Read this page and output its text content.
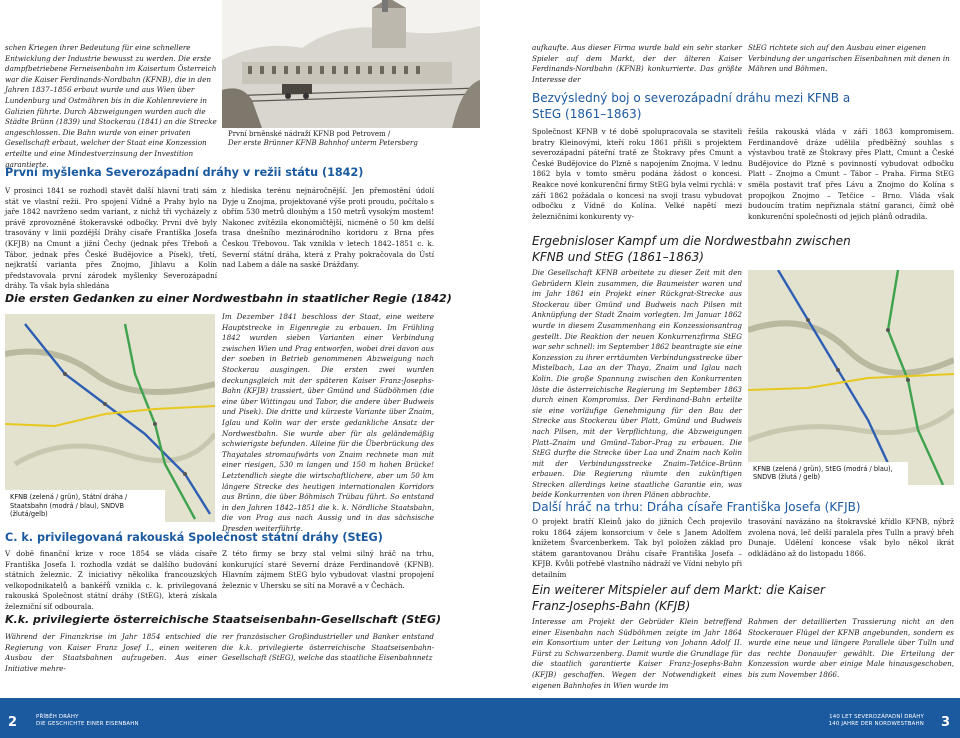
schen Kriegen ihrer Bedeutung für eine schnellere Entwicklung der Industrie bewusst zu werden. Die erste dampfbetriebene Ferneisenbahn im Kaisertum Österreich war die Kaiser Ferdinands-Nordbahn (KFNB), die in den Jahren 1837–1856 erbaut wurde und aus Wien über Lundenburg und Ostmähren bis in die Kohlenreviere in Galizien führte. Durch Abzweigungen wurden auch die Städte Brünn (1839) und Stockerau (1841) an die Strecke angeschlossen. Die Bahn wurde von einer privaten Gesellschaft erbaut, welcher der Staat eine Konzession erteilte und eine Mindestverzinsung der Investition garantierte.

První brněnské nádraží KFNB pod Petrovem /

Der erste Brünner KFNB Bahnhof unterm Petersberg

První myšlenka Severozápadní dráhy v režii státu (1842)

V prosinci 1841 se rozhodl stavět další hlavní trati sám stát ve vlastní režii. Pro spojení Vídně a Prahy bylo na jaře 1842 navrženo sedm variant, z nichž tři vycházely z právě zprovozněné štokeravské odbočky. První dvě byly trasovány v linii pozdější Dráhy císaře Františka Josefa (KFJB) na Cmunt a jižní Čechy (jednak přes Třeboň a Tábor, jednak přes České Budějovice a Písek), třetí, nejkratší varianta přes Znojmo, Jihlavu a Kolín představovala první zárodek myšlenky Severozápadní dráhy. Ta však byla shledána

z hlediska terénu nejnáročnější. Jen přemostění údolí Dyje u Znojma, projektované výše proti proudu, počítalo s obřím 530 metrů dlouhým a 150 metrů vysokým mostem! Nakonec zvítězila ekonomičtější, nicméně o 50 km delší trasa dnešního mezinárodního koridoru z Brna přes Českou Třebovou. Tak vznikla v letech 1842–1851 c. k. Severní státní dráha, která z Prahy pokračovala do Ústí nad Labem a dále na saské Drážďany.

Die ersten Gedanken zu einer Nordwestbahn in staatlicher Regie (1842)
KFNB (zelená / grün), Státní dráha / Staatsbahn (modrá / blau), SNDVB (žlutá/gelb)

Im Dezember 1841 beschloss der Staat, eine weitere Hauptstrecke in Eigenregie zu erbauen. Im Frühling 1842 wurden sieben Varianten einer Verbindung zwischen Wien und Prag entworfen, wobei drei davon aus der soeben in Betrieb genommenen Abzweigung nach Stockerau ausgingen. Die ersten zwei wurden deckungsgleich mit der späteren Kaiser Franz-Josephs-Bahn (KFJB) trassiert, über Gmünd und Südböhmen (die eine über Wittingau und Tabor, die andere über Budweis und Pisek). Die dritte und kürzeste Variante über Znaim, Iglau und Kolin war der erste gedankliche Ansatz der Nordwestbahn. Sie wurde aber für als geländemäßig schwierigste befunden. Alleine für die Überbrückung des Thayatales stromaufwärts von Znaim rechnete man mit einer riesigen, 530 m langen und 150 m hohen Brücke! Letztendlich siegte die wirtschaftlichere, aber um 50 km längere Strecke des heutigen internationalen Korridors aus Brünn, die über Böhmisch Trübau führt. So entstand in den Jahren 1842–1851 die k. k. Nördliche Staatsbahn, die von Prag aus nach Aussig und in das sächsische Dresden weiterführte.

C. k. privilegovaná rakouská Společnost státní dráhy (StEG)

V době finanční krize v roce 1854 se vláda císaře Františka Josefa I. rozhodla vzdát se dalšího budování státních železnic. Z iniciativy několika francouzských velkopodnikatelů a bankéřů vznikla c. k. privilegovaná rakouská Společnost státní dráhy (StEG), která získala železniční síť odbourala.

Z této firmy se brzy stal velmi silný hráč na trhu, konkurující staré Severní dráze Ferdinandově (KFNB). Hlavním zájmem StEG bylo vybudovat vlastní propojení železnic v Uhersku se sítí na Moravě a v Čechách.

K.k. privilegierte österreichische Staatseisenbahn-Gesellschaft (StEG)

Während der Finanzkrise im Jahr 1854 entschied die Regierung von Kaiser Franz Josef I., einen weiteren Ausbau der Staatsbahnen aufzugeben. Aus einer Initiative mehre-

rer französischer Großindustrieller und Banker entstand die k.k. privilegierte österreichische Staatseisenbahn-Gesellschaft (StEG), welche das staatliche Eisenbahnnetz

2	PŘÍBĚH DRÁHY
DIE GESCHICHTE EINER EISENBAHN

aufkaufte. Aus dieser Firma wurde bald ein sehr starker Spieler auf dem Markt, der der älteren Kaiser Ferdinands-Nordbahn (KFNB) konkurrierte. Das größte Interesse der

StEG richtete sich auf den Ausbau einer eigenen Verbindung der ungarischen Eisenbahnen mit denen in Mähren und Böhmen.

Bezvýsledný boj o severozápadní dráhu mezi KFNB a StEG (1861–1863)

Společnost KFNB v té době spolupracovala se staviteli bratry Kleinovými, kteří roku 1861 přišli s projektem severozápadní páteřní tratě ze Štokravy přes Cmunt a České Budějovice do Plzně s napojením Znojma. V lednu 1862 byla v tomto směru podána žádost o koncesi. Reakce nové konkurenční firmy StEG byla velmi rychlá: v září 1862 požádala o koncesi na svoji trasu vybudovat odbočku z Vídně do Kolína. Velké napětí mezi železničními konkurenty vy-

řešila rakouská vláda v září 1863 kompromisem. Ferdinandově dráze udělila předběžný souhlas s výstavbou tratě ze Štokravy přes Platt, Cmunt a České Budějovice do Plzně s povinností vybudovat odbočku Platt – Znojmo a Cmunt – Tábor – Praha. Firma StEG směla postavit trať přes Lávu a Znojmo do Kolína s propojkou Znojmo – Tetčice – Brno. Vláda však budoucím tratím nepřiznala státní garanci, čímž obě konkurenční společnosti od jejich plánů odradila.

Ergebnisloser Kampf um die Nordwestbahn zwischen KFNB und StEG (1861–1863)

Die Gesellschaft KFNB arbeitete zu dieser Zeit mit den Gebrüdern Klein zusammen, die Baumeister waren und im Jahr 1861 ein Projekt einer Rückgrat-Strecke aus Stockerau über Gmünd und Budweis nach Pilsen mit Anknüpfung der Stadt Znaim vorlegten. Im Januar 1862 wurde in diesem Zusammenhang ein Konzessionsantrag gestellt. Die Reaktion der neuen Konkurrenzfirma StEG war sehr schnell: im September 1862 beantragte sie eine Konzession zu ihrer errtäumten Verbindungsstrecke über Mistelbach, Laa an der Thaya, Znaim und Iglau nach Kolin. Die große Spannung zwischen den Konkurrenten löste die österreichische Regierung im September 1863 durch einen Kompromiss. Der Ferdinand-Bahn erteilte sie eine vorläufige Genehmigung für den Bau der Strecke aus Stockerau über Platt, Gmünd und Budweis nach Pilsen, mit der Verpflichtung, die Abzweigungen Platt–Znaim und Gmünd–Tabor–Prag zu erbauen. Die StEG durfte die Strecke über Laa und Znaim nach Kolin mit der Verbindungsstrecke Znaim–Tetčice–Brünn erbauen. Die Regierung räumte den zukünftigen Strecken allerdings keine staatliche Garantie ein, was beide Konkurrenten von ihren Plänen abbrachte.

KFNB (zelená / grün), StEG (modrá / blau), SNDVB (žlutá / gelb)
Další hráč na trhu: Dráha císaře Františka Josefa (KFJB)

O projekt bratří Kleinů jako do jižních Čech projevilo roku 1864 zájem konsorcium v čele s Janem Adolfem knížetem Švarcenberkem. Tak byl položen základ pro státem garantovanou Dráhu císaře Františka Josefa – KFJB. Kvůli potřebě vlastního nádraží ve Vídni nebylo při detailním

trasování navázáno na štokravské křídlo KFNB, nýbrž zvolena nová, leč delší paralela přes Tulln a pravý břeh Dunaje. Udělení koncese však bylo někol ikrát odkládáno až do listopadu 1866.

Ein weiterer Mitspieler auf dem Markt: die Kaiser Franz-Josephs-Bahn (KFJB)

Interesse am Projekt der Gebrüder Klein betreffend einer Eisenbahn nach Südböhmen zeigte im Jahr 1864 ein Konsortium unter der Leitung von Johann Adolf II. Fürst zu Schwarzenberg. Damit wurde die Grundlage für die staatlich garantierte Kaiser Franz-Josephs-Bahn (KFJB) geschaffen. Wegen der Notwendigkeit eines eigenen Bahnhofes in Wien wurde im

Rahmen der detaillierten Trassierung nicht an den Stockerauer Flügel der KFNB angebunden, sondern es wurde eine neue und längere Parallele über Tulln und das rechte Donauufer gewählt. Die Erteilung der Konzession wurde aber einige Male hinausgeschoben, bis zum November 1866.

140 LET SEVEROZÁPADNÍ DRÁHY
140 JAHRE DER NORDWESTBAHN 3
